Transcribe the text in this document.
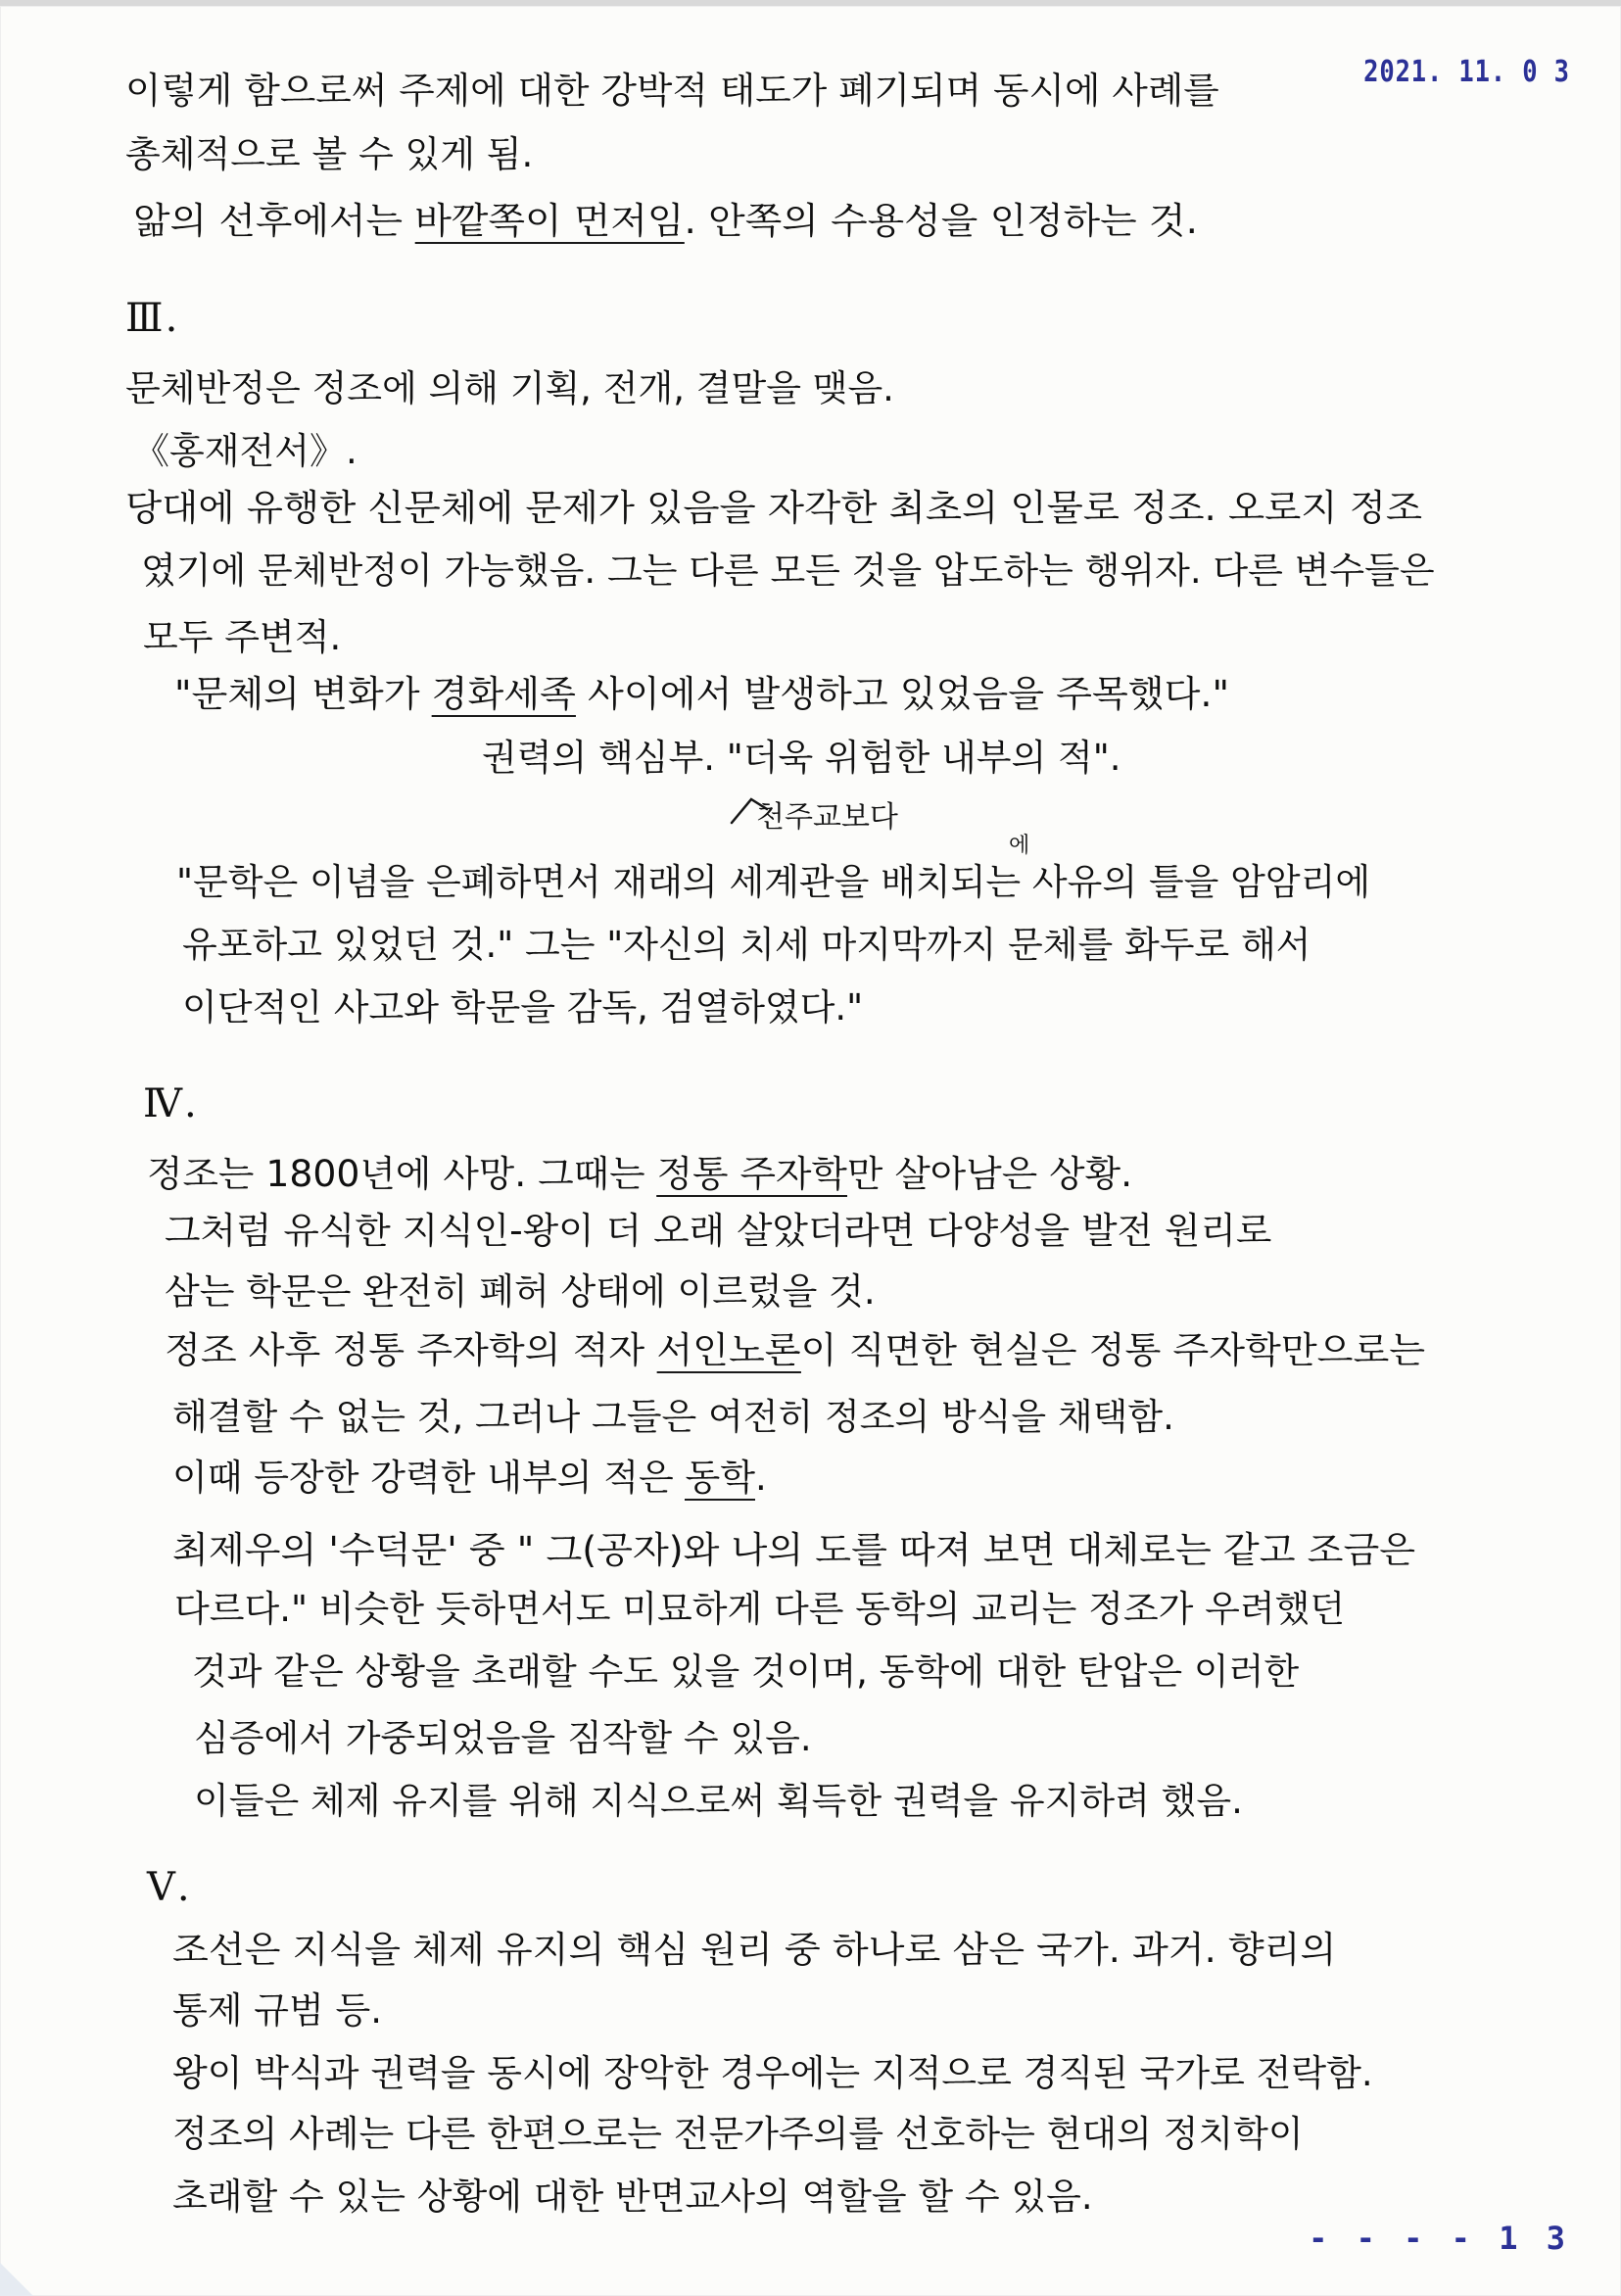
2021. 11. 0 3
이렇게 함으로써 주제에 대한 강박적 태도가 폐기되며 동시에 사례를
총체적으로 볼 수 있게 됨.
앎의 선후에서는 바깥쪽이 먼저임. 안쪽의 수용성을 인정하는 것.
Ⅲ.
문체반정은 정조에 의해 기획, 전개, 결말을 맺음.
《홍재전서》.
당대에 유행한 신문체에 문제가 있음을 자각한 최초의 인물로 정조. 오로지 정조
였기에 문체반정이 가능했음. 그는 다른 모든 것을 압도하는 행위자. 다른 변수들은
모두 주변적.
"문체의 변화가 경화세족 사이에서 발생하고 있었음을 주목했다."
권력의 핵심부. "더욱 위험한 내부의 적".
천주교보다
에
"문학은 이념을 은폐하면서 재래의 세계관을 배치되는 사유의 틀을 암암리에
유포하고 있었던 것." 그는 "자신의 치세 마지막까지 문체를 화두로 해서
이단적인 사고와 학문을 감독, 검열하였다."
Ⅳ.
정조는 1800년에 사망. 그때는 정통 주자학만 살아남은 상황.
그처럼 유식한 지식인-왕이 더 오래 살았더라면 다양성을 발전 원리로
삼는 학문은 완전히 폐허 상태에 이르렀을 것.
정조 사후 정통 주자학의 적자 서인노론이 직면한 현실은 정통 주자학만으로는
해결할 수 없는 것, 그러나 그들은 여전히 정조의 방식을 채택함.
이때 등장한 강력한 내부의 적은 동학.
최제우의 '수덕문' 중 " 그(공자)와 나의 도를 따져 보면 대체로는 같고 조금은
다르다." 비슷한 듯하면서도 미묘하게 다른 동학의 교리는 정조가 우려했던
것과 같은 상황을 초래할 수도 있을 것이며, 동학에 대한 탄압은 이러한
심증에서 가중되었음을 짐작할 수 있음.
이들은 체제 유지를 위해 지식으로써 획득한 권력을 유지하려 했음.
Ⅴ.
조선은 지식을 체제 유지의 핵심 원리 중 하나로 삼은 국가. 과거. 향리의
통제 규범 등.
왕이 박식과 권력을 동시에 장악한 경우에는 지적으로 경직된 국가로 전락함.
정조의 사례는 다른 한편으로는 전문가주의를 선호하는 현대의 정치학이
초래할 수 있는 상황에 대한 반면교사의 역할을 할 수 있음.
- - - - 1 3
